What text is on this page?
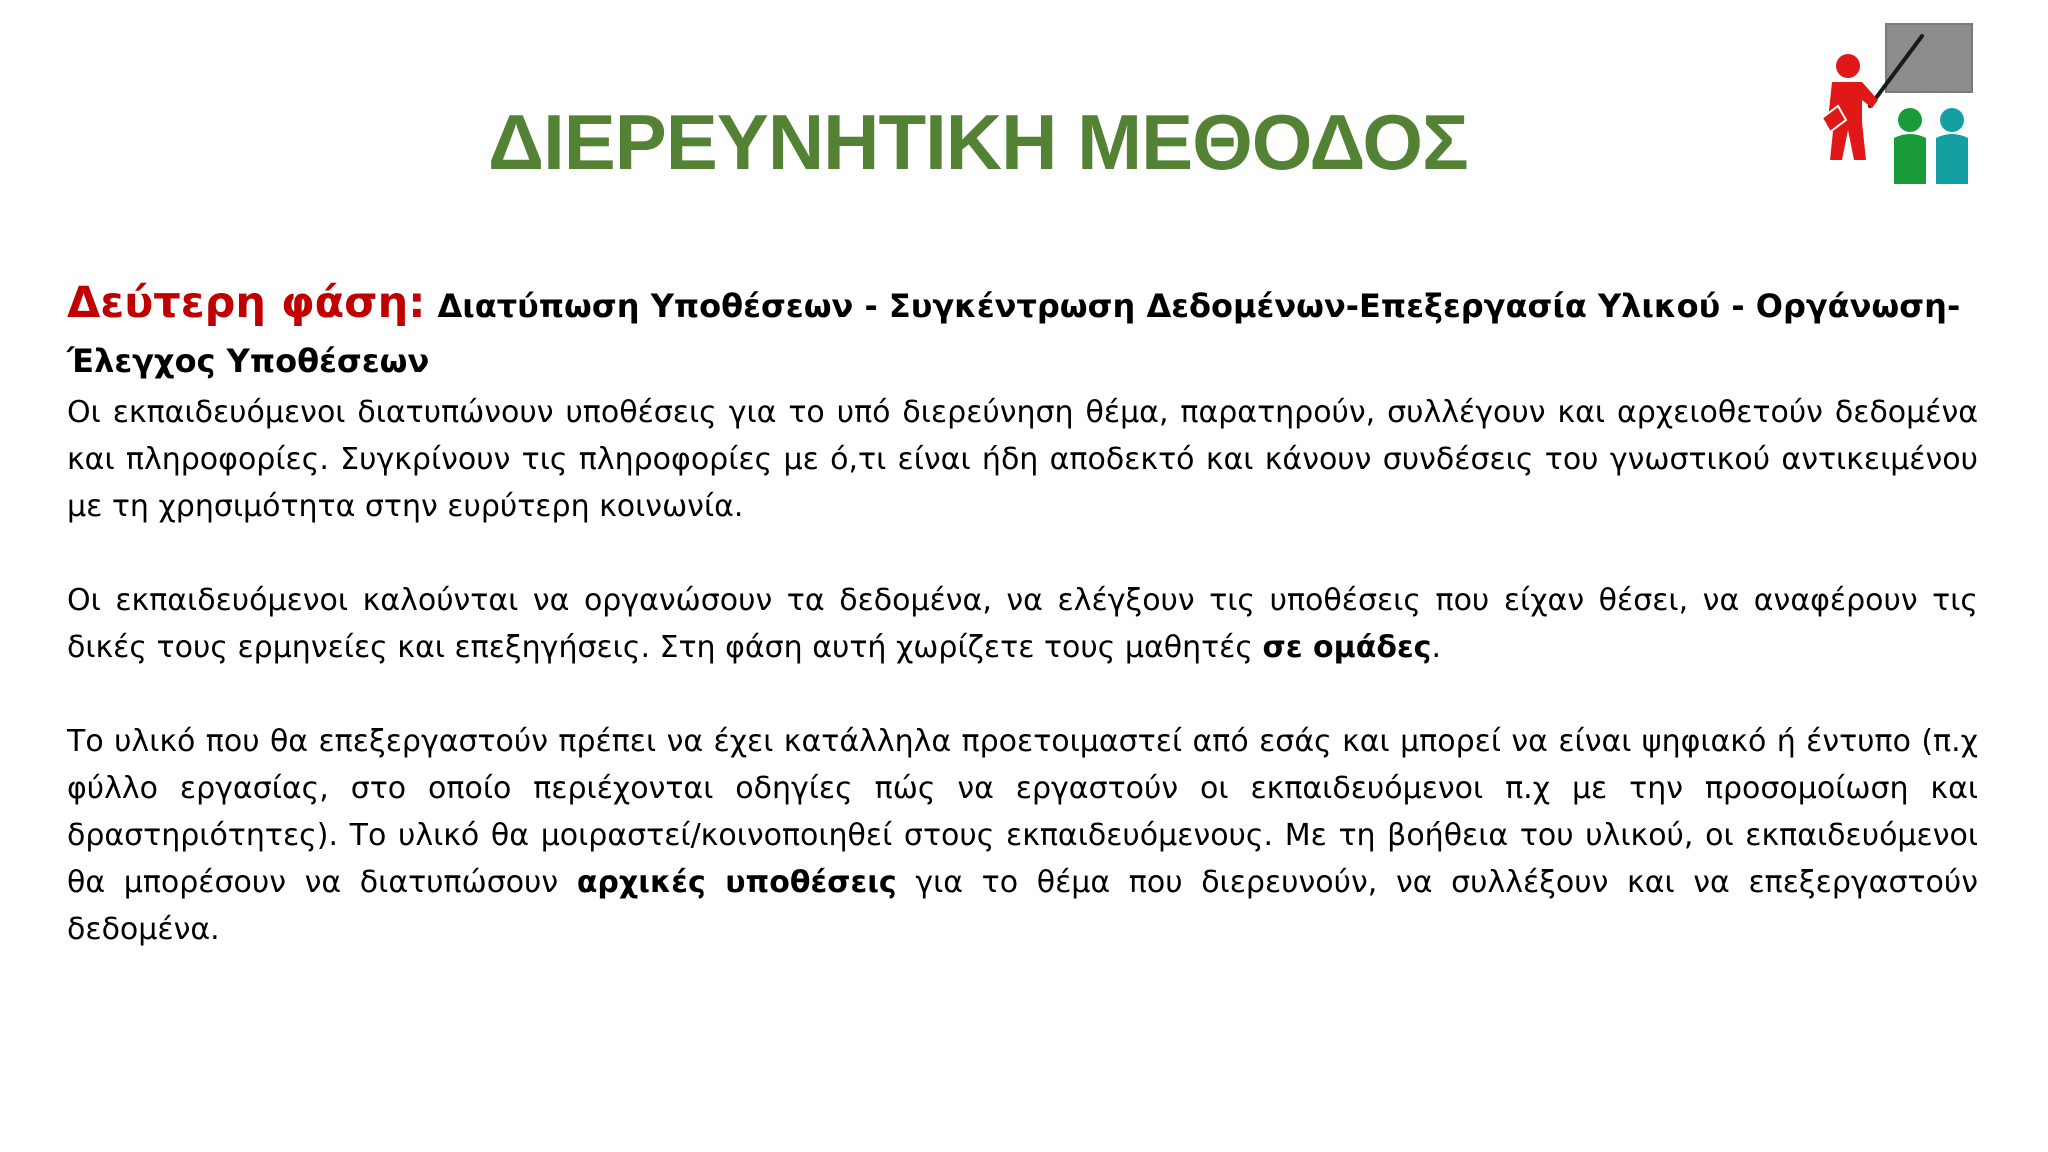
ΔΙΕΡΕΥΝΗΤΙΚΗ ΜΕΘΟΔΟΣ

Δεύτερη φάση: Διατύπωση Υποθέσεων - Συγκέντρωση Δεδομένων-Επεξεργασία Υλικού - Οργάνωση-Έλεγχος Υποθέσεων

Οι εκπαιδευόμενοι διατυπώνουν υποθέσεις για το υπό διερεύνηση θέμα, παρατηρούν, συλλέγουν και αρχειοθετούν δεδομένα και πληροφορίες. Συγκρίνουν τις πληροφορίες με ό,τι είναι ήδη αποδεκτό και κάνουν συνδέσεις του γνωστικού αντικειμένου με τη χρησιμότητα στην ευρύτερη κοινωνία.

Οι εκπαιδευόμενοι καλούνται να οργανώσουν τα δεδομένα, να ελέγξουν τις υποθέσεις που είχαν θέσει, να αναφέρουν τις δικές τους ερμηνείες και επεξηγήσεις. Στη φάση αυτή χωρίζετε τους μαθητές σε ομάδες.

Το υλικό που θα επεξεργαστούν πρέπει να έχει κατάλληλα προετοιμαστεί από εσάς και μπορεί να είναι ψηφιακό ή έντυπο (π.χ φύλλο εργασίας, στο οποίο περιέχονται οδηγίες πώς να εργαστούν οι εκπαιδευόμενοι π.χ με την προσομοίωση και δραστηριότητες). Το υλικό θα μοιραστεί/κοινοποιηθεί στους εκπαιδευόμενους. Με τη βοήθεια του υλικού, οι εκπαιδευόμενοι θα μπορέσουν να διατυπώσουν αρχικές υποθέσεις για το θέμα που διερευνούν, να συλλέξουν και να επεξεργαστούν δεδομένα.
